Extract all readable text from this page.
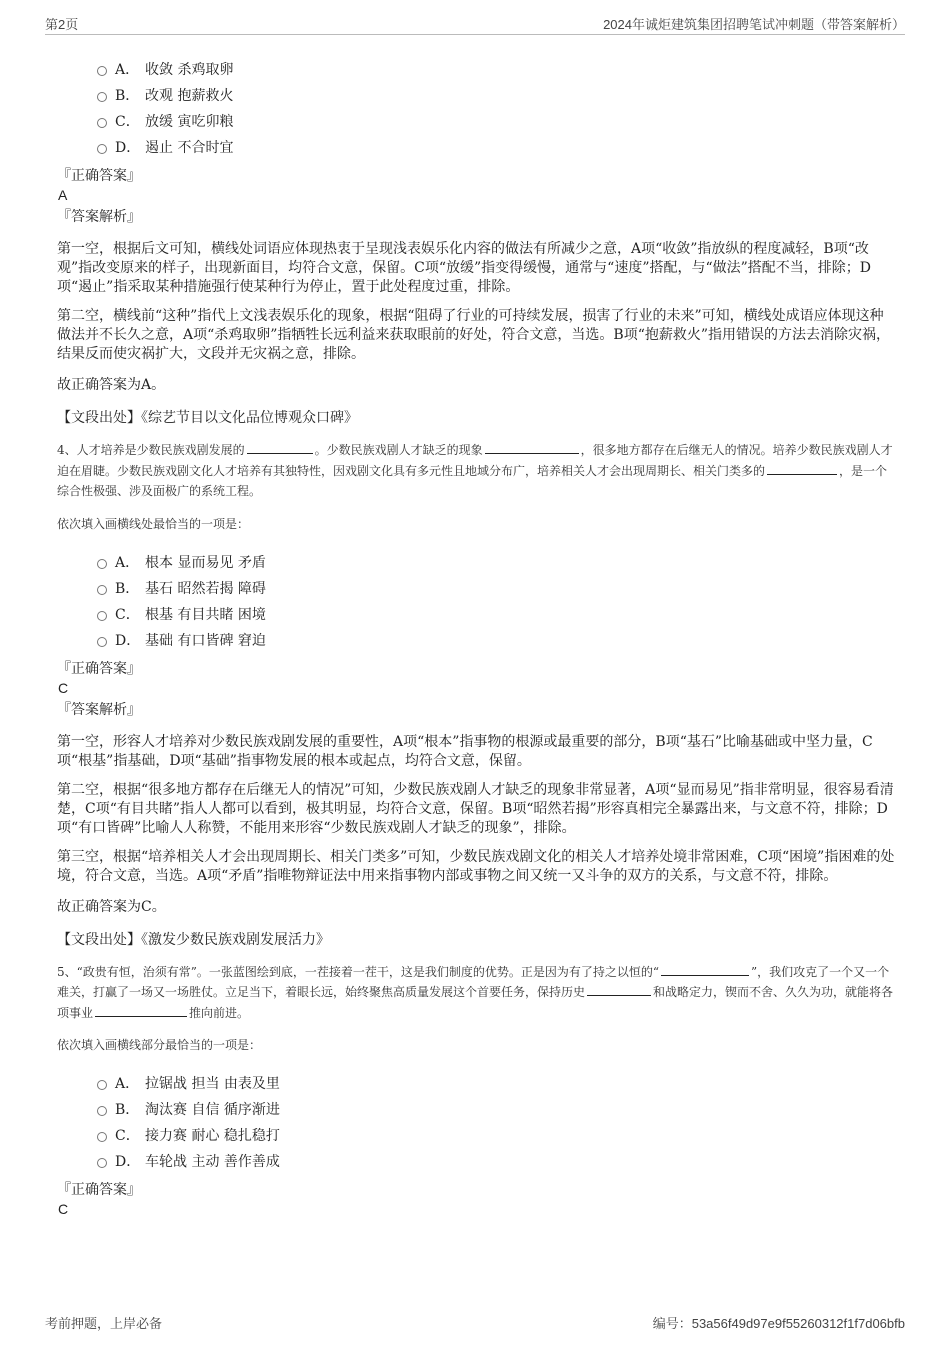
第2页	2024年诚炬建筑集团招聘笔试冲刺题（带答案解析）
A． 收敛 杀鸡取卵
B． 改观 抱薪救火
C． 放缓 寅吃卯粮
D． 遏止 不合时宜

『正确答案』

A

『答案解析』

第一空，根据后文可知，横线处词语应体现热衷于呈现浅表娱乐化内容的做法有所减少之意，A项“收敛”指放纵的程度减轻，B项“改观”指改变原来的样子，出现新面目，均符合文意，保留。C项“放缓”指变得缓慢，通常与“速度”搭配，与“做法”搭配不当，排除；D项“遏止”指采取某种措施强行使某种行为停止，置于此处程度过重，排除。

第二空，横线前“这种”指代上文浅表娱乐化的现象，根据“阻碍了行业的可持续发展，损害了行业的未来”可知，横线处成语应体现这种做法并不长久之意，A项“杀鸡取卵”指牺牲长远利益来获取眼前的好处，符合文意，当选。B项“抱薪救火”指用错误的方法去消除灾祸，结果反而使灾祸扩大，文段并无灾祸之意，排除。

故正确答案为A。

【文段出处】《综艺节目以文化品位博观众口碑》

4、人才培养是少数民族戏剧发展的	。少数民族戏剧人才缺乏的现象	，很多地方都存在后继无人的情况。培养少数民族戏剧人才迫在眉睫。少数民族戏剧文化人才培养有其独特性，因戏剧文化具有多元性且地域分布广，培养相关人才会出现周期长、相关门类多的	，是一个综合性极强、涉及面极广的系统工程。

依次填入画横线处最恰当的一项是：

A． 根本 显而易见 矛盾
B． 基石 昭然若揭 障碍
C． 根基 有目共睹 困境
D． 基础 有口皆碑 窘迫

『正确答案』

C

『答案解析』

第一空，形容人才培养对少数民族戏剧发展的重要性，A项“根本”指事物的根源或最重要的部分，B项“基石”比喻基础或中坚力量，C项“根基”指基础，D项“基础”指事物发展的根本或起点，均符合文意，保留。

第二空，根据“很多地方都存在后继无人的情况”可知，少数民族戏剧人才缺乏的现象非常显著，A项“显而易见”指非常明显，很容易看清楚，C项“有目共睹”指人人都可以看到，极其明显，均符合文意，保留。B项“昭然若揭”形容真相完全暴露出来，与文意不符，排除；D项“有口皆碑”比喻人人称赞，不能用来形容“少数民族戏剧人才缺乏的现象”，排除。

第三空，根据“培养相关人才会出现周期长、相关门类多”可知，少数民族戏剧文化的相关人才培养处境非常困难，C项“困境”指困难的处境，符合文意，当选。A项“矛盾”指唯物辩证法中用来指事物内部或事物之间又统一又斗争的双方的关系，与文意不符，排除。

故正确答案为C。

【文段出处】《激发少数民族戏剧发展活力》

5、“政贵有恒，治须有常”。一张蓝图绘到底，一茬接着一茬干，这是我们制度的优势。正是因为有了持之以恒的“	”，我们攻克了一个又一个难关，打赢了一场又一场胜仗。立足当下，着眼长远，始终聚焦高质量发展这个首要任务，保持历史	和战略定力，锲而不舍、久久为功，就能将各项事业	推向前进。

依次填入画横线部分最恰当的一项是：

A． 拉锯战 担当 由表及里
B． 淘汰赛 自信 循序渐进
C． 接力赛 耐心 稳扎稳打
D． 车轮战 主动 善作善成

『正确答案』

C

考前押题，上岸必备	编号：53a56f49d97e9f55260312f1f7d06bfb
